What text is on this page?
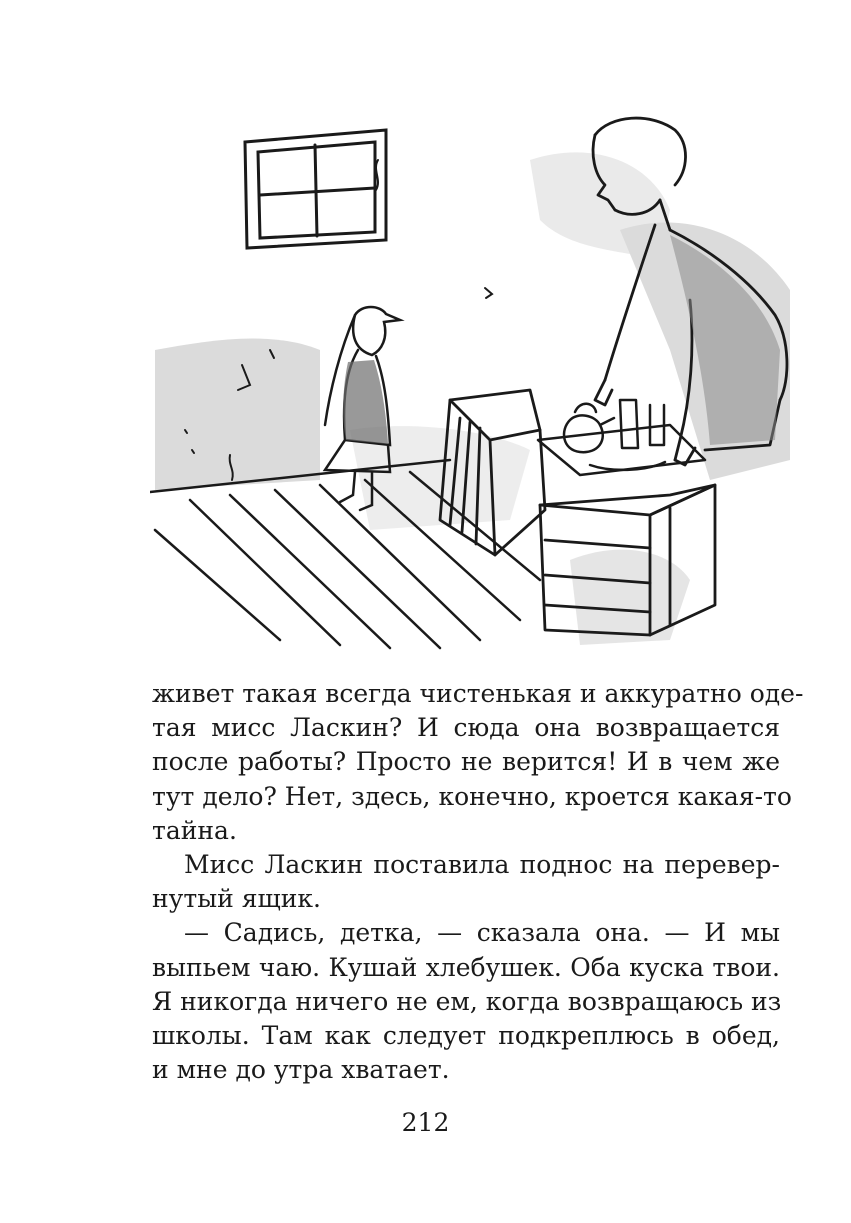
живет такая всегда чистенькая и аккуратно оде-
тая мисс Ласкин? И сюда она возвращается
после работы? Просто не верится! И в чем же
тут дело? Нет, здесь, конечно, кроется какая-то
тайна.
Мисс Ласкин поставила поднос на перевер-
нутый ящик.
— Садись, детка, — сказала она. — И мы
выпьем чаю. Кушай хлебушек. Оба куска твои.
Я никогда ничего не ем, когда возвращаюсь из
школы. Там как следует подкреплюсь в обед,
и мне до утра хватает.
212
